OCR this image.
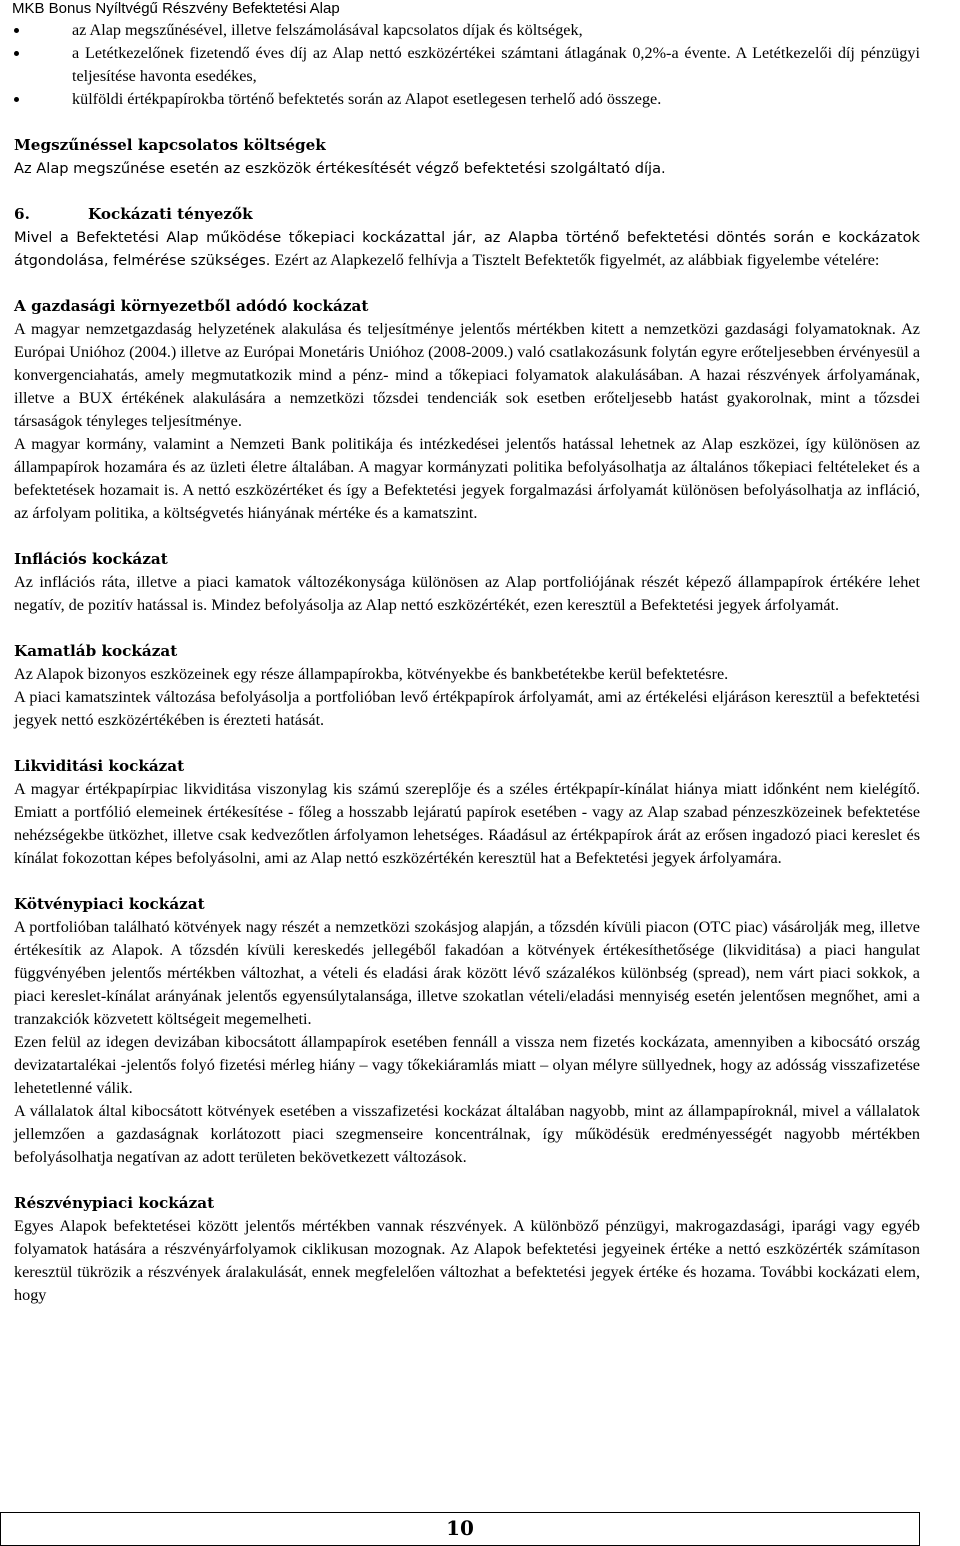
MKB Bonus Nyíltvégű Részvény Befektetési Alap
az Alap megszűnésével, illetve felszámolásával kapcsolatos díjak és költségek,
a Letétkezelőnek fizetendő éves díj az Alap nettó eszközértékei számtani átlagának 0,2%-a évente. A Letétkezelői díj pénzügyi teljesítése havonta esedékes,
külföldi értékpapírokba történő befektetés során az Alapot esetlegesen terhelő adó összege.

Megszűnéssel kapcsolatos költségek

Az Alap megszűnése esetén az eszközök értékesítését végző befektetési szolgáltató díja.

6.	Kockázati tényezők

Mivel a Befektetési Alap működése tőkepiaci kockázattal jár, az Alapba történő befektetési döntés során e kockázatok átgondolása, felmérése szükséges. Ezért az Alapkezelő felhívja a Tisztelt Befektetők figyelmét, az alábbiak figyelembe vételére:

A gazdasági környezetből adódó kockázat

A magyar nemzetgazdaság helyzetének alakulása és teljesítménye jelentős mértékben kitett a nemzetközi gazdasági folyamatoknak. Az Európai Unióhoz (2004.) illetve az Európai Monetáris Unióhoz (2008-2009.) való csatlakozásunk folytán egyre erőteljesebben érvényesül a konvergenciahatás, amely megmutatkozik mind a pénz- mind a tőkepiaci folyamatok alakulásában. A hazai részvények árfolyamának, illetve a BUX értékének alakulására a nemzetközi tőzsdei tendenciák sok esetben erőteljesebb hatást gyakorolnak, mint a tőzsdei társaságok tényleges teljesítménye.

A magyar kormány, valamint a Nemzeti Bank politikája és intézkedései jelentős hatással lehetnek az Alap eszközei, így különösen az állampapírok hozamára és az üzleti életre általában. A magyar kormányzati politika befolyásolhatja az általános tőkepiaci feltételeket és a befektetések hozamait is. A nettó eszközértéket és így a Befektetési jegyek forgalmazási árfolyamát különösen befolyásolhatja az infláció, az árfolyam politika, a költségvetés hiányának mértéke és a kamatszint.

Inflációs kockázat

Az inflációs ráta, illetve a piaci kamatok változékonysága különösen az Alap portfoliójának részét képező állampapírok értékére lehet negatív, de pozitív hatással is. Mindez befolyásolja az Alap nettó eszközértékét, ezen keresztül a Befektetési jegyek árfolyamát.

Kamatláb kockázat

Az Alapok bizonyos eszközeinek egy része állampapírokba, kötvényekbe és bankbetétekbe kerül befektetésre.

A piaci kamatszintek változása befolyásolja a portfolióban levő értékpapírok árfolyamát, ami az értékelési eljáráson keresztül a befektetési jegyek nettó eszközértékében is érezteti hatását.

Likviditási kockázat

A magyar értékpapírpiac likviditása viszonylag kis számú szereplője és a széles értékpapír-kínálat hiánya miatt időnként nem kielégítő. Emiatt a portfólió elemeinek értékesítése - főleg a hosszabb lejáratú papírok esetében - vagy az Alap szabad pénzeszközeinek befektetése nehézségekbe ütközhet, illetve csak kedvezőtlen árfolyamon lehetséges. Ráadásul az értékpapírok árát az erősen ingadozó piaci kereslet és kínálat fokozottan képes befolyásolni, ami az Alap nettó eszközértékén keresztül hat a Befektetési jegyek árfolyamára.

Kötvénypiaci kockázat

A portfolióban található kötvények nagy részét a nemzetközi szokásjog alapján, a tőzsdén kívüli piacon (OTC piac) vásárolják meg, illetve értékesítik az Alapok. A tőzsdén kívüli kereskedés jellegéből fakadóan a kötvények értékesíthetősége (likviditása) a piaci hangulat függvényében jelentős mértékben változhat, a vételi és eladási árak között lévő százalékos különbség (spread), nem várt piaci sokkok, a piaci kereslet-kínálat arányának jelentős egyensúlytalansága, illetve szokatlan vételi/eladási mennyiség esetén jelentősen megnőhet, ami a tranzakciók közvetett költségeit megemelheti.

Ezen felül az idegen devizában kibocsátott állampapírok esetében fennáll a vissza nem fizetés kockázata, amennyiben a kibocsátó ország devizatartalékai -jelentős folyó fizetési mérleg hiány – vagy tőkekiáramlás miatt – olyan mélyre süllyednek, hogy az adósság visszafizetése lehetetlenné válik.

A vállalatok által kibocsátott kötvények esetében a visszafizetési kockázat általában nagyobb, mint az állampapíroknál, mivel a vállalatok jellemzően a gazdaságnak korlátozott piaci szegmenseire koncentrálnak, így működésük eredményességét nagyobb mértékben befolyásolhatja negatívan az adott területen bekövetkezett változások.

Részvénypiaci kockázat

Egyes Alapok befektetései között jelentős mértékben vannak részvények. A különböző pénzügyi, makrogazdasági, iparági vagy egyéb folyamatok hatására a részvényárfolyamok ciklikusan mozognak. Az Alapok befektetési jegyeinek értéke a nettó eszközérték számítason keresztül tükrözik a részvények áralakulását, ennek megfelelően változhat a befektetési jegyek értéke és hozama. További kockázati elem, hogy

10
